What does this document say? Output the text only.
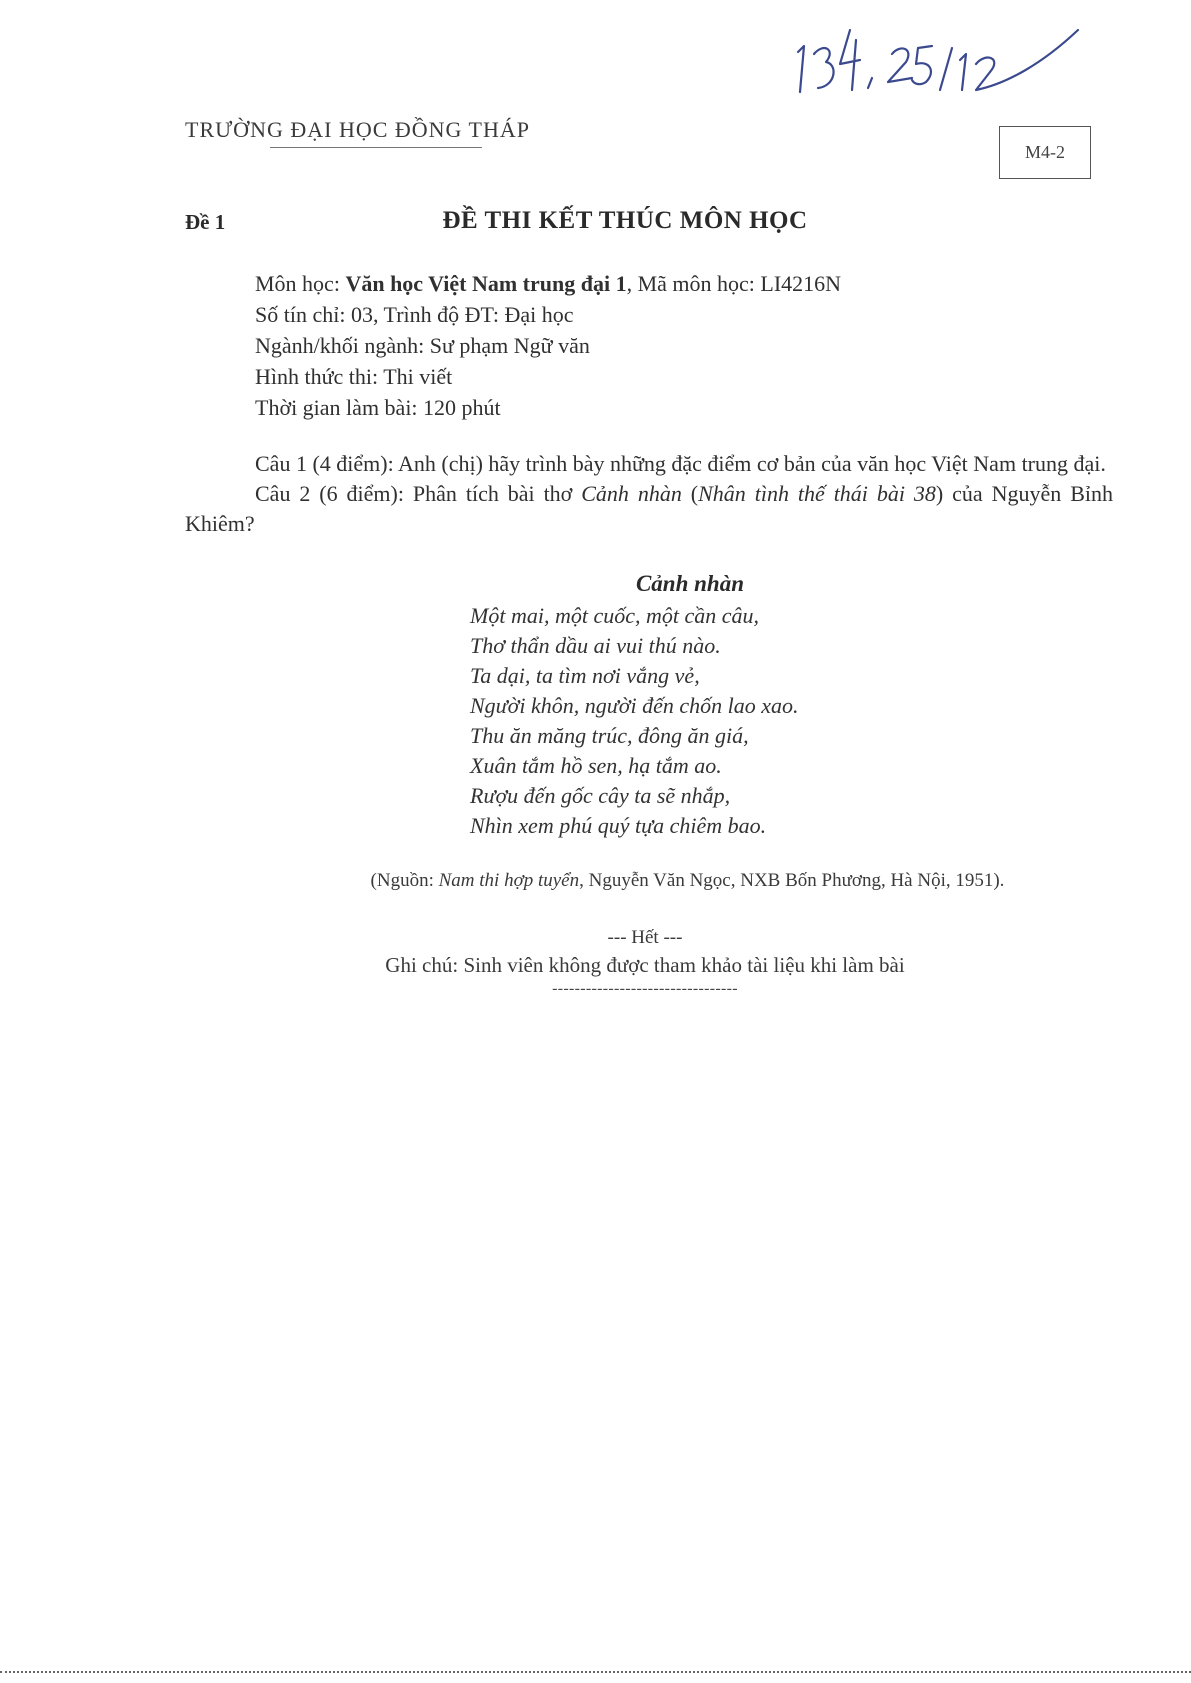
TRƯỜNG ĐẠI HỌC ĐỒNG THÁP
M4-2
Đề 1	ĐỀ THI KẾT THÚC MÔN HỌC
Môn học: Văn học Việt Nam trung đại 1, Mã môn học: LI4216N
Số tín chỉ: 03, Trình độ ĐT: Đại học
Ngành/khối ngành: Sư phạm Ngữ văn
Hình thức thi: Thi viết
Thời gian làm bài: 120 phút

Câu 1 (4 điểm): Anh (chị) hãy trình bày những đặc điểm cơ bản của văn học Việt Nam trung đại.

Câu 2 (6 điểm): Phân tích bài thơ Cảnh nhàn (Nhân tình thế thái bài 38) của Nguyễn Bỉnh Khiêm?

Cảnh nhàn
Một mai, một cuốc, một cần câu,
Thơ thẩn dầu ai vui thú nào.
Ta dại, ta tìm nơi vắng vẻ,
Người khôn, người đến chốn lao xao.
Thu ăn măng trúc, đông ăn giá,
Xuân tắm hồ sen, hạ tắm ao.
Rượu đến gốc cây ta sẽ nhắp,
Nhìn xem phú quý tựa chiêm bao.
(Nguồn: Nam thi hợp tuyển, Nguyễn Văn Ngọc, NXB Bốn Phương, Hà Nội, 1951).
--- Hết ---
Ghi chú: Sinh viên không được tham khảo tài liệu khi làm bài
---------------------------------
